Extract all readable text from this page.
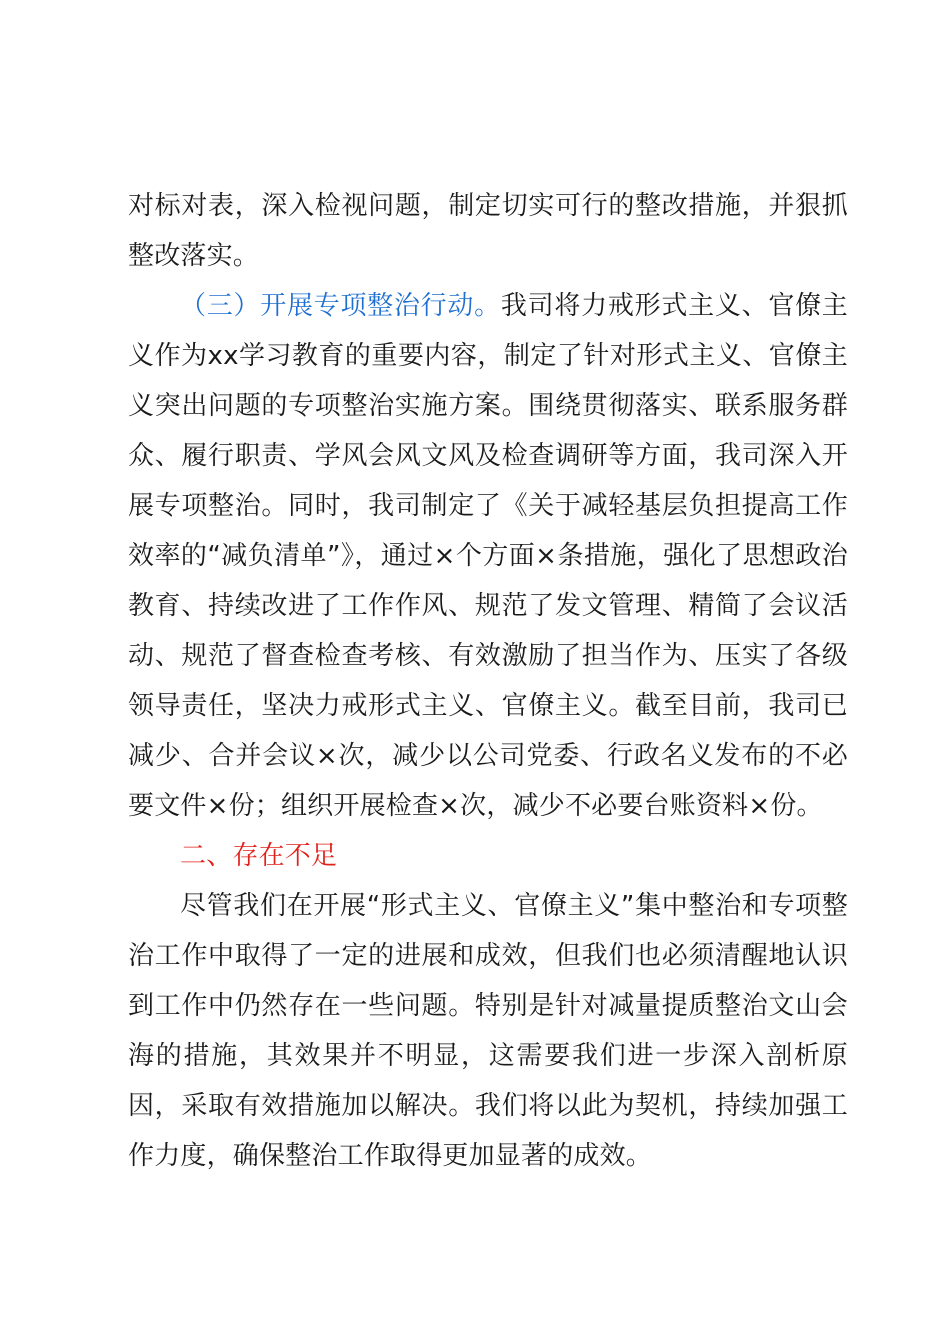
对标对表，深入检视问题，制定切实可行的整改措施，并狠抓整改落实。

（三）开展专项整治行动。我司将力戒形式主义、官僚主义作为xx学习教育的重要内容，制定了针对形式主义、官僚主义突出问题的专项整治实施方案。围绕贯彻落实、联系服务群众、履行职责、学风会风文风及检查调研等方面，我司深入开展专项整治。同时，我司制定了《关于减轻基层负担提高工作效率的“减负清单”》，通过×个方面×条措施，强化了思想政治教育、持续改进了工作作风、规范了发文管理、精简了会议活动、规范了督查检查考核、有效激励了担当作为、压实了各级领导责任，坚决力戒形式主义、官僚主义。截至目前，我司已减少、合并会议×次，减少以公司党委、行政名义发布的不必要文件×份；组织开展检查×次，减少不必要台账资料×份。

二、存在不足

尽管我们在开展“形式主义、官僚主义”集中整治和专项整治工作中取得了一定的进展和成效，但我们也必须清醒地认识到工作中仍然存在一些问题。特别是针对减量提质整治文山会海的措施，其效果并不明显，这需要我们进一步深入剖析原因，采取有效措施加以解决。我们将以此为契机，持续加强工作力度，确保整治工作取得更加显著的成效。
